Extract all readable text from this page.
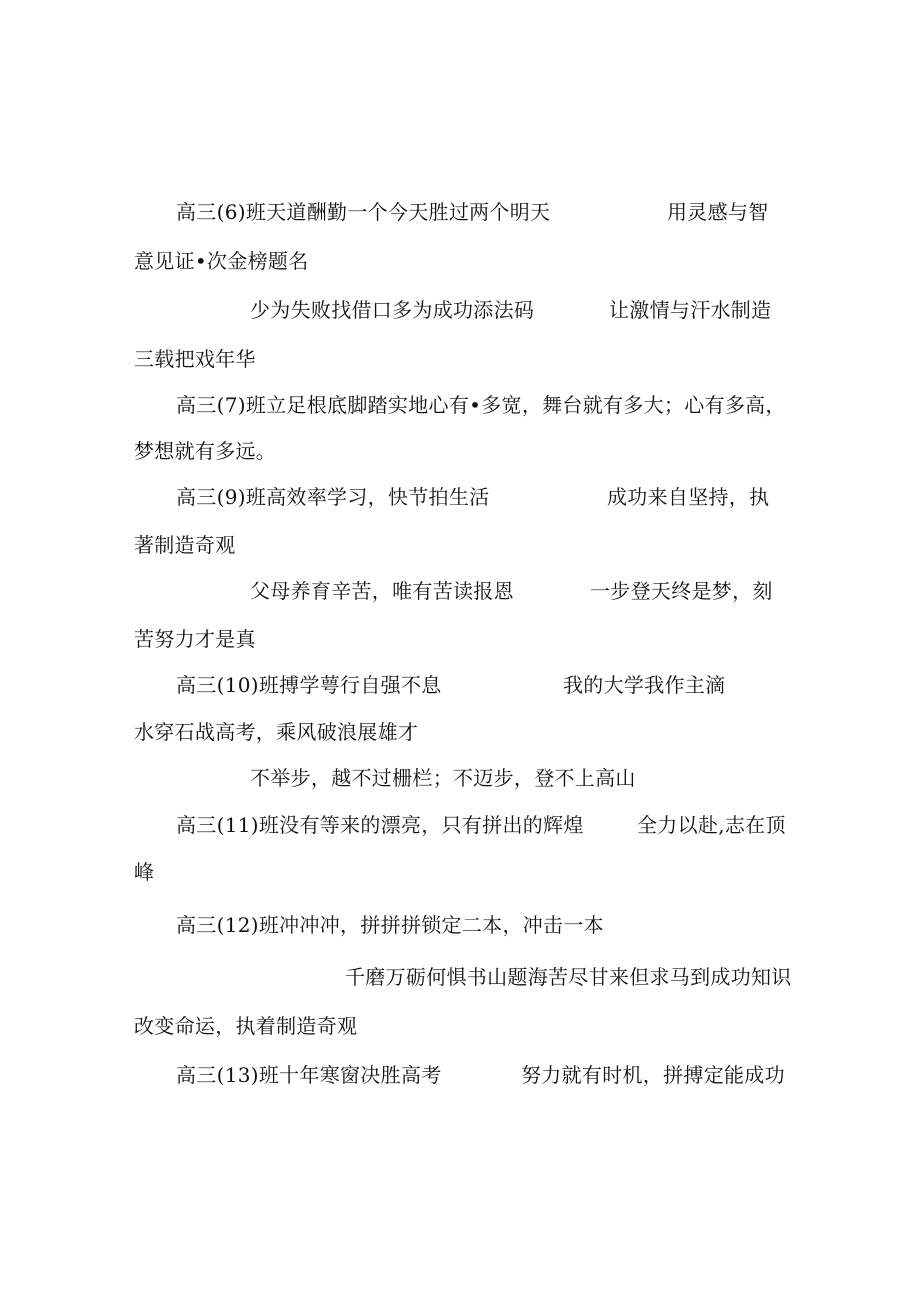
高三(6)班天道酬勤一个今天胜过两个明天	用灵感与智
意见证•次金榜题名
少为失败找借口多为成功添法码	让激情与汗水制造
三载把戏年华
高三(7)班立足根底脚踏实地心有•多宽，舞台就有多大；心有多高，
梦想就有多远。
高三(9)班高效率学习，快节拍生活	成功来自坚持，执
著制造奇观
父母养育辛苦，唯有苦读报恩	一步登天终是梦，刻
苦努力才是真
高三(10)班搏学萼行自强不息	我的大学我作主滴
水穿石战高考，乘风破浪展雄才
不举步，越不过栅栏；不迈步，登不上高山
高三(11)班没有等来的漂亮，只有拼出的辉煌	全力以赴,志在顶
峰
高三(12)班冲冲冲，拼拼拼锁定二本，冲击一本
千磨万砺何惧书山题海苦尽甘来但求马到成功知识
改变命运，执着制造奇观
高三(13)班十年寒窗决胜高考	努力就有时机，拼搏定能成功
